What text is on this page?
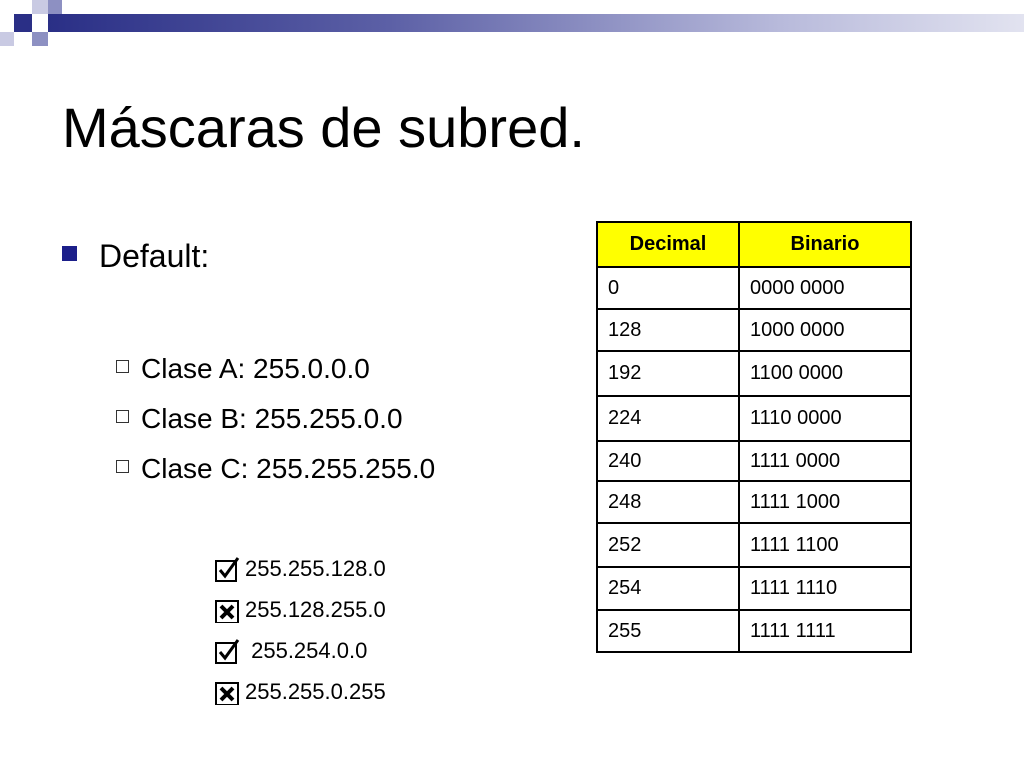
Máscaras de subred.
Default:
Clase A: 255.0.0.0
Clase B: 255.255.0.0
Clase C: 255.255.255.0
255.255.128.0
255.128.255.0
255.254.0.0
255.255.0.255
Decimal	Binario
0	0000 0000
128	1000 0000
192	1100 0000
224	1110 0000
240	1111 0000
248	1111 1000
252	1111 1100
254	1111 1110
255	1111 1111
